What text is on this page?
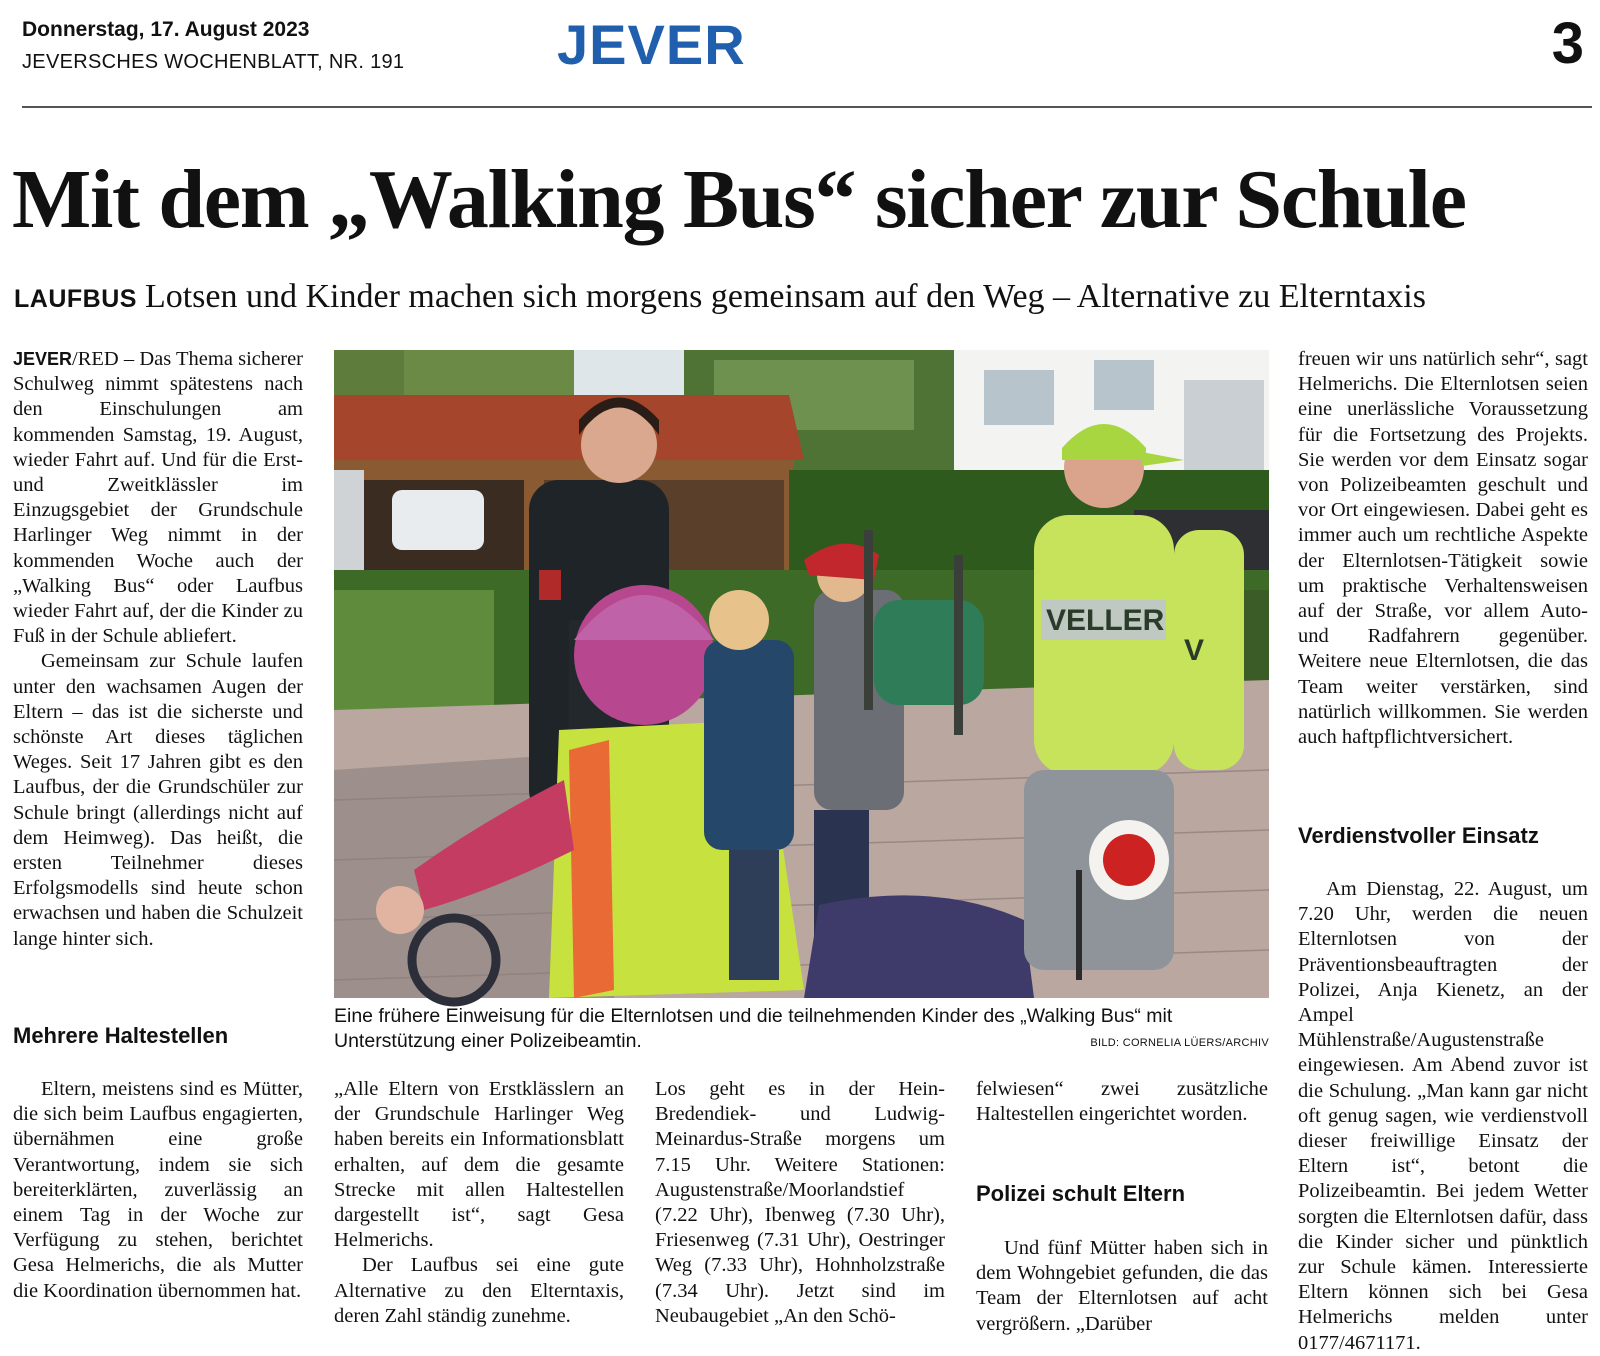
Donnerstag, 17. August 2023
JEVERSCHES WOCHENBLATT, NR. 191	JEVER	3
Mit dem „Walking Bus“ sicher zur Schule
LAUFBUS Lotsen und Kinder machen sich morgens gemeinsam auf den Weg – Alternative zu Elterntaxis

JEVER/RED – Das Thema sicherer Schulweg nimmt spätestens nach den Einschulungen am kommenden Samstag, 19. August, wieder Fahrt auf. Und für die Erst- und Zweitklässler im Einzugsgebiet der Grundschule Harlinger Weg nimmt in der kommenden Woche auch der „Walking Bus“ oder Laufbus wieder Fahrt auf, der die Kinder zu Fuß in der Schule abliefert.

Gemeinsam zur Schule laufen unter den wachsamen Augen der Eltern – das ist die sicherste und schönste Art dieses täglichen Weges. Seit 17 Jahren gibt es den Laufbus, der die Grundschüler zur Schule bringt (allerdings nicht auf dem Heimweg). Das heißt, die ersten Teilnehmer dieses Erfolgsmodells sind heute schon erwachsen und haben die Schulzeit lange hinter sich.

Mehrere Haltestellen

Eltern, meistens sind es Mütter, die sich beim Laufbus engagierten, übernähmen eine große Verantwortung, indem sie sich bereiterklärten, zuverlässig an einem Tag in der Woche zur Verfügung zu stehen, berichtet Gesa Helmerichs, die als Mutter die Koordination übernommen hat.

VELLER
V
Eine frühere Einweisung für die Elternlotsen und die teilnehmenden Kinder des „Walking Bus“ mit Unterstützung einer Polizeibeamtin.	BILD: CORNELIA LÜERS/ARCHIV

„Alle Eltern von Erstklässlern an der Grundschule Harlinger Weg haben bereits ein Informationsblatt erhalten, auf dem die gesamte Strecke mit allen Haltestellen dargestellt ist“, sagt Gesa Helmerichs.

Der Laufbus sei eine gute Alternative zu den Elterntaxis, deren Zahl ständig zunehme.

Los geht es in der Hein-Bredendiek- und Ludwig-Meinardus-Straße morgens um 7.15 Uhr. Weitere Stationen: Augustenstraße/Moorlandstief (7.22 Uhr), Ibenweg (7.30 Uhr), Friesenweg (7.31 Uhr), Oestringer Weg (7.33 Uhr), Hohnholzstraße (7.34 Uhr). Jetzt sind im Neubaugebiet „An den Schö-

felwiesen“ zwei zusätzliche Haltestellen eingerichtet worden.

Polizei schult Eltern

Und fünf Mütter haben sich in dem Wohngebiet gefunden, die das Team der Elternlotsen auf acht vergrößern. „Darüber

freuen wir uns natürlich sehr“, sagt Helmerichs. Die Elternlotsen seien eine unerlässliche Voraussetzung für die Fortsetzung des Projekts. Sie werden vor dem Einsatz sogar von Polizeibeamten geschult und vor Ort eingewiesen. Dabei geht es immer auch um rechtliche Aspekte der Elternlotsen-Tätigkeit sowie um praktische Verhaltensweisen auf der Straße, vor allem Auto- und Radfahrern gegenüber. Weitere neue Elternlotsen, die das Team weiter verstärken, sind natürlich willkommen. Sie werden auch haftpflichtversichert.

Verdienstvoller Einsatz

Am Dienstag, 22. August, um 7.20 Uhr, werden die neuen Elternlotsen von der Präventionsbeauftragten der Polizei, Anja Kienetz, an der Ampel Mühlenstraße/Augustenstraße eingewiesen. Am Abend zuvor ist die Schulung. „Man kann gar nicht oft genug sagen, wie verdienstvoll dieser freiwillige Einsatz der Eltern ist“, betont die Polizeibeamtin. Bei jedem Wetter sorgten die Elternlotsen dafür, dass die Kinder sicher und pünktlich zur Schule kämen. Interessierte Eltern können sich bei Gesa Helmerichs melden unter 0177/4671171.
